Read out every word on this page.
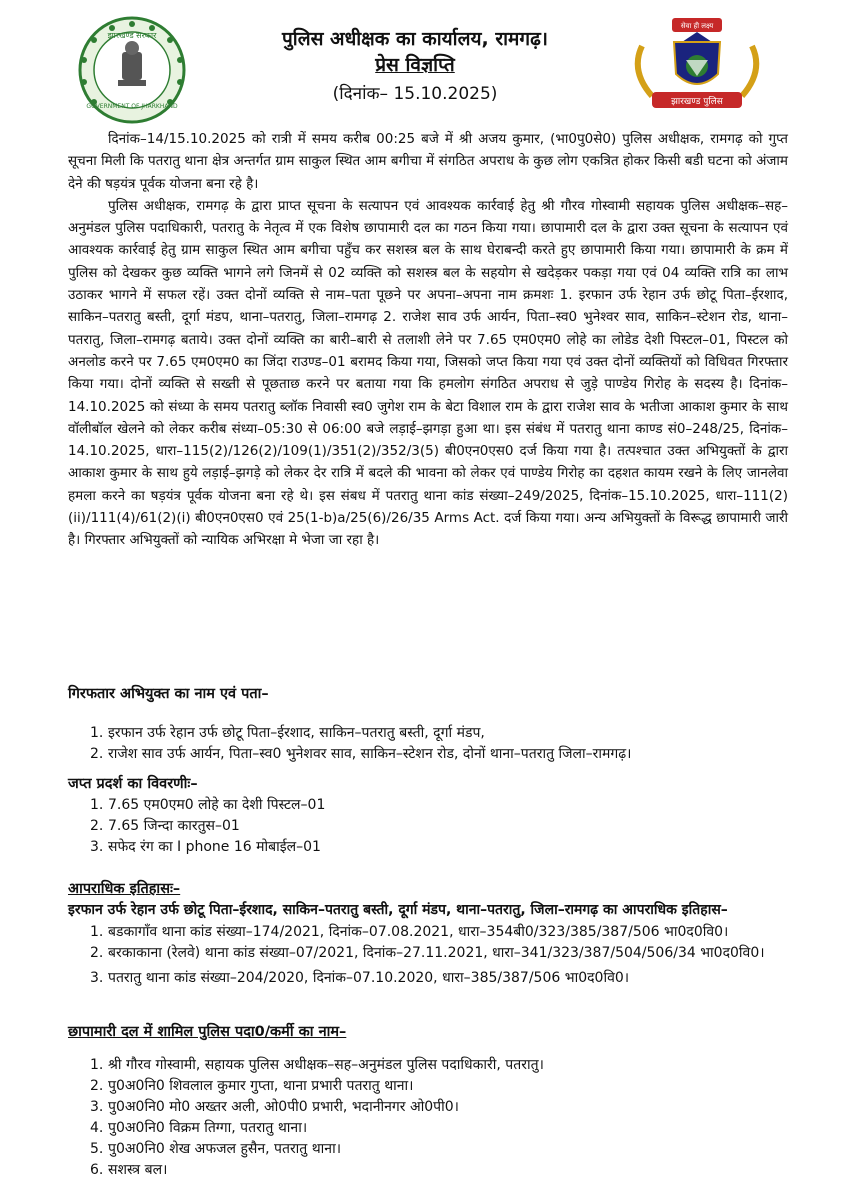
झारखण्ड सरकार
GOVERNMENT OF JHARKHAND
पुलिस अधीक्षक का कार्यालय, रामगढ़।
प्रेस विज्ञप्ति
(दिनांक– 15.10.2025)
सेवा ही लक्ष्य
झारखण्ड पुलिस

दिनांक–14/15.10.2025 को रात्री में समय करीब 00:25 बजे में श्री अजय कुमार, (भा0पु0से0) पुलिस अधीक्षक, रामगढ़ को गुप्त सूचना मिली कि पतरातु थाना क्षेत्र अन्तर्गत ग्राम साकुल स्थित आम बगीचा में संगठित अपराध के कुछ लोग एकत्रित होकर किसी बडी घटना को अंजाम देने की षड़यंत्र पूर्वक योजना बना रहे है।

पुलिस अधीक्षक, रामगढ़ के द्वारा प्राप्त सूचना के सत्यापन एवं आवश्यक कार्रवाई हेतु श्री गौरव गोस्वामी सहायक पुलिस अधीक्षक–सह–अनुमंडल पुलिस पदाधिकारी, पतरातु के नेतृत्व में एक विशेष छापामारी दल का गठन किया गया। छापामारी दल के द्वारा उक्त सूचना के सत्यापन एवं आवश्यक कार्रवाई हेतु ग्राम साकुल स्थित आम बगीचा पहुँच कर सशस्त्र बल के साथ घेराबन्दी करते हुए छापामारी किया गया। छापामारी के क्रम में पुलिस को देखकर कुछ व्यक्ति भागने लगे जिनमें से 02 व्यक्ति को सशस्त्र बल के सहयोग से खदेड़कर पकड़ा गया एवं 04 व्यक्ति रात्रि का लाभ उठाकर भागने में सफल रहें। उक्त दोनों व्यक्ति से नाम–पता पूछने पर अपना–अपना नाम क्रमशः 1. इरफान उर्फ रेहान उर्फ छोटू पिता–ईरशाद, साकिन–पतरातु बस्ती, दूर्गा मंडप, थाना–पतरातु, जिला–रामगढ़ 2. राजेश साव उर्फ आर्यन, पिता–स्व0 भुनेश्वर साव, साकिन–स्टेशन रोड, थाना–पतरातु, जिला–रामगढ़ बताये। उक्त दोनों व्यक्ति का बारी–बारी से तलाशी लेने पर 7.65 एम0एम0 लोहे का लोडेड देशी पिस्टल–01, पिस्टल को अनलोड करने पर 7.65 एम0एम0 का जिंदा राउण्ड–01 बरामद किया गया, जिसको जप्त किया गया एवं उक्त दोनों व्यक्तियों को विधिवत गिरफ्तार किया गया। दोनों व्यक्ति से सख्ती से पूछताछ करने पर बताया गया कि हमलोग संगठित अपराध से जुड़े पाण्डेय गिरोह के सदस्य है। दिनांक–14.10.2025 को संध्या के समय पतरातु ब्लॉक निवासी स्व0 जुगेश राम के बेटा विशाल राम के द्वारा राजेश साव के भतीजा आकाश कुमार के साथ वॉलीबॉल खेलने को लेकर करीब संध्या–05:30 से 06:00 बजे लड़ाई–झगड़ा हुआ था। इस संबंध में पतरातु थाना काण्ड सं0–248/25, दिनांक–14.10.2025, धारा–115(2)/126(2)/109(1)/351(2)/352/3(5) बी0एन0एस0 दर्ज किया गया है। तत्पश्चात उक्त अभियुक्तों के द्वारा आकाश कुमार के साथ हुये लड़ाई–झगड़े को लेकर देर रात्रि में बदले की भावना को लेकर एवं पाण्डेय गिरोह का दहशत कायम रखने के लिए जानलेवा हमला करने का षड़यंत्र पूर्वक योजना बना रहे थे। इस संबध में पतरातु थाना कांड संख्या–249/2025, दिनांक–15.10.2025, धारा–111(2)(ii)/111(4)/61(2)(i) बी0एन0एस0 एवं 25(1-b)a/25(6)/26/35 Arms Act. दर्ज किया गया। अन्य अभियुक्तों के विरूद्ध छापामारी जारी है। गिरफ्तार अभियुक्तों को न्यायिक अभिरक्षा मे भेजा जा रहा है।

गिरफतार अभियुक्त का नाम एवं पता–
1. इरफान उर्फ रेहान उर्फ छोटू पिता–ईरशाद, साकिन–पतरातु बस्ती, दूर्गा मंडप,
2. राजेश साव उर्फ आर्यन, पिता–स्व0 भुनेशवर साव, साकिन–स्टेशन रोड, दोनों थाना–पतरातु जिला–रामगढ़।
जप्त प्रदर्श का विवरणीः–
1. 7.65 एम0एम0 लोहे का देशी पिस्टल–01
2. 7.65 जिन्दा कारतुस–01
3. सफेद रंग का I phone 16 मोबाईल–01
आपराधिक इतिहासः–

इरफान उर्फ रेहान उर्फ छोटू पिता–ईरशाद, साकिन–पतरातु बस्ती, दूर्गा मंडप, थाना–पतरातु, जिला–रामगढ़ का आपराधिक इतिहास–

1. बडकागाँव थाना कांड संख्या–174/2021, दिनांक–07.08.2021, धारा–354बी0/323/385/387/506 भा0द0वि0।
2. बरकाकाना (रेलवे) थाना कांड संख्या–07/2021, दिनांक–27.11.2021, धारा–341/323/387/504/506/34 भा0द0वि0।
3. पतरातु थाना कांड संख्या–204/2020, दिनांक–07.10.2020, धारा–385/387/506 भा0द0वि0।
छापामारी दल में शामिल पुलिस पदा0/कर्मी का नाम–
1. श्री गौरव गोस्वामी, सहायक पुलिस अधीक्षक–सह–अनुमंडल पुलिस पदाधिकारी, पतरातु।
2. पु0अ0नि0 शिवलाल कुमार गुप्ता, थाना प्रभारी पतरातु थाना।
3. पु0अ0नि0 मो0 अख्तर अली, ओ0पी0 प्रभारी, भदानीनगर ओ0पी0।
4. पु0अ0नि0 विक्रम तिग्गा, पतरातु थाना।
5. पु0अ0नि0 शेख अफजल हुसैन, पतरातु थाना।
6. सशस्त्र बल।
